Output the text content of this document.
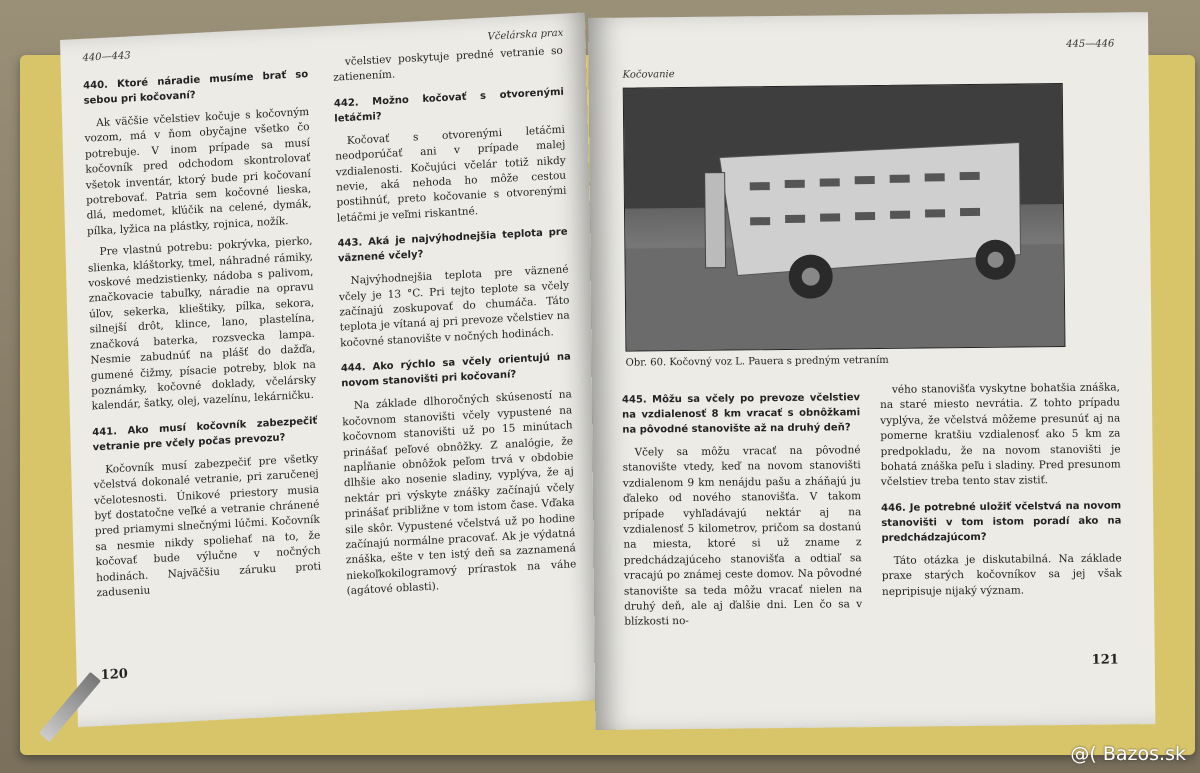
440—443
Včelárska prax
440. Ktoré náradie musíme brať so sebou pri kočovaní?
Ak väčšie včelstiev kočuje s kočovným vozom, má v ňom obyčajne všetko čo potrebuje. V inom prípade sa musí kočovník pred odchodom skontrolovať všetok inventár, ktorý bude pri kočovaní potrebovať. Patria sem kočovné lieska, dlá, medomet, kľúčik na celené, dymák, pílka, lyžica na plástky, rojnica, nožík.
Pre vlastnú potrebu: pokrývka, pierko, slienka, kláštorky, tmel, náhradné rámiky, voskové medzistienky, nádoba s palivom, značkovacie tabuľky, náradie na opravu úľov, sekerka, klieštiky, pílka, sekora, silnejší drôt, klince, lano, plastelína, značková baterka, rozsvecka lampa. Nesmie zabudnúť na plášť do dažďa, gumené čižmy, písacie potreby, blok na poznámky, kočovné doklady, včelársky kalendár, šatky, olej, vazelínu, lekárničku.
441. Ako musí kočovník zabezpečiť vetranie pre včely počas prevozu?
Kočovník musí zabezpečiť pre všetky včelstvá dokonalé vetranie, pri zaručenej včelotesnosti. Únikové priestory musia byť dostatočne veľké a vetranie chránené pred priamymi slnečnými lúčmi. Kočovník sa nesmie nikdy spoliehať na to, že kočovať bude výlučne v nočných hodinách. Najväčšiu záruku proti zaduseniu
včelstiev poskytuje predné vetranie so zatienením.
442. Možno kočovať s otvorenými letáčmi?
Kočovať s otvorenými letáčmi neodporúčať ani v prípade malej vzdialenosti. Kočujúci včelár totiž nikdy nevie, aká nehoda ho môže cestou postihnúť, preto kočovanie s otvorenými letáčmi je veľmi riskantné.
443. Aká je najvýhodnejšia teplota pre väznené včely?
Najvýhodnejšia teplota pre väznené včely je 13 °C. Pri tejto teplote sa včely začínajú zoskupovať do chumáča. Táto teplota je vítaná aj pri prevoze včelstiev na kočovné stanovište v nočných hodinách.
444. Ako rýchlo sa včely orientujú na novom stanovišti pri kočovaní?
Na základe dlhoročných skúseností na kočovnom stanovišti včely vypustené na kočovnom stanovišti už po 15 minútach prinášať peľové obnôžky. Z analógie, že napĺňanie obnôžok peľom trvá v obdobie dlhšie ako nosenie sladiny, vyplýva, že aj nektár pri výskyte znášky začínajú včely prinášať približne v tom istom čase. Vďaka sile skôr. Vypustené včelstvá už po hodine začínajú normálne pracovať. Ak je výdatná znáška, ešte v ten istý deň sa zaznamená niekoľkokilogramový prírastok na váhe (agátové oblasti).
120
Kočovanie
445—446
Obr. 60. Kočovný voz L. Pauera s predným vetraním
445. Môžu sa včely po prevoze včelstiev na vzdialenosť 8 km vracať s obnôžkami na pôvodné stanovište až na druhý deň?
Včely sa môžu vracať na pôvodné stanovište vtedy, keď na novom stanovišti vzdialenom 9 km nenájdu pašu a zháňajú ju ďaleko od nového stanovišťa. V takom prípade vyhľadávajú nektár aj na vzdialenosť 5 kilometrov, pričom sa dostanú na miesta, ktoré si už zname z predchádzajúceho stanovišťa a odtiaľ sa vracajú po známej ceste domov. Na pôvodné stanovište sa teda môžu vracať nielen na druhý deň, ale aj ďalšie dni. Len čo sa v blízkosti no-
vého stanovišťa vyskytne bohatšia znáška, na staré miesto nevrátia. Z tohto prípadu vyplýva, že včelstvá môžeme presunúť aj na pomerne kratšiu vzdialenosť ako 5 km za predpokladu, že na novom stanovišti je bohatá znáška peľu i sladiny. Pred presunom včelstiev treba tento stav zistiť.
446. Je potrebné uložiť včelstvá na novom stanovišti v tom istom poradí ako na predchádzajúcom?
Táto otázka je diskutabilná. Na základe praxe starých kočovníkov sa jej však nepripisuje nijaký význam.
121
@( Bazos.sk
